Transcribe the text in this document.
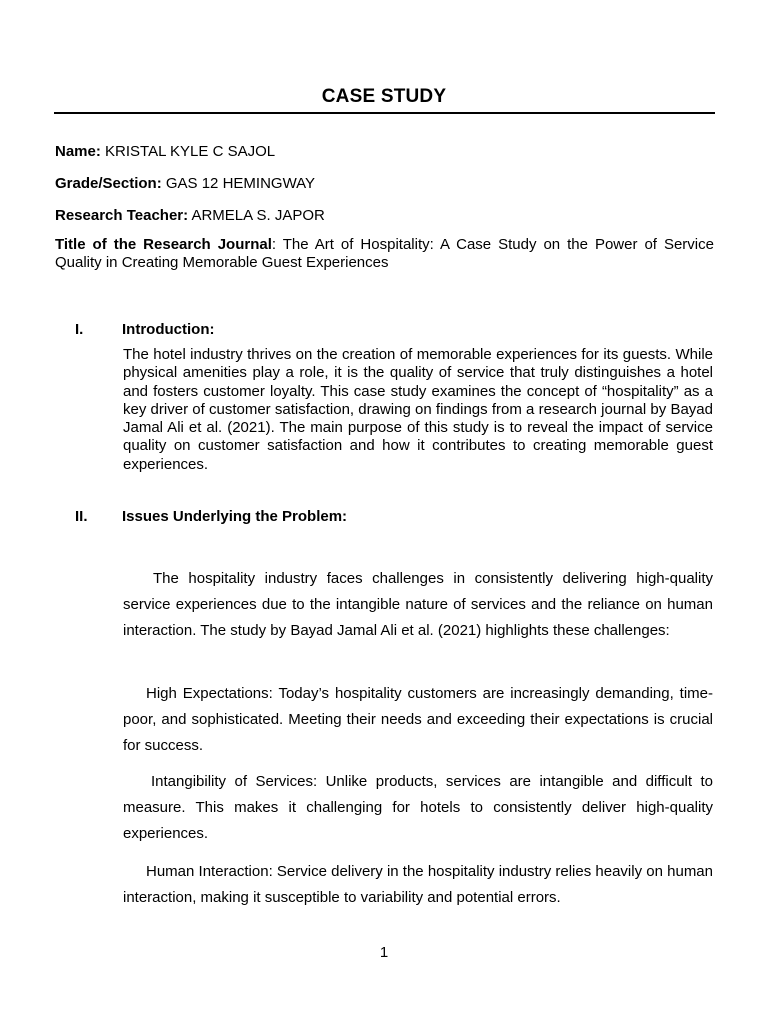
CASE STUDY
Name: KRISTAL KYLE C SAJOL
Grade/Section: GAS 12 HEMINGWAY
Research Teacher: ARMELA S. JAPOR
Title of the Research Journal: The Art of Hospitality: A Case Study on the Power of Service Quality in Creating Memorable Guest Experiences
I.	Introduction:
The hotel industry thrives on the creation of memorable experiences for its guests. While physical amenities play a role, it is the quality of service that truly distinguishes a hotel and fosters customer loyalty. This case study examines the concept of “hospitality” as a key driver of customer satisfaction, drawing on findings from a research journal by Bayad Jamal Ali et al. (2021). The main purpose of this study is to reveal the impact of service quality on customer satisfaction and how it contributes to creating memorable guest experiences.
II. Issues Underlying the Problem:
The hospitality industry faces challenges in consistently delivering high-quality service experiences due to the intangible nature of services and the reliance on human interaction. The study by Bayad Jamal Ali et al. (2021) highlights these challenges:
High Expectations: Today’s hospitality customers are increasingly demanding, time-poor, and sophisticated. Meeting their needs and exceeding their expectations is crucial for success.
Intangibility of Services: Unlike products, services are intangible and difficult to measure. This makes it challenging for hotels to consistently deliver high-quality experiences.
Human Interaction: Service delivery in the hospitality industry relies heavily on human interaction, making it susceptible to variability and potential errors.
1
